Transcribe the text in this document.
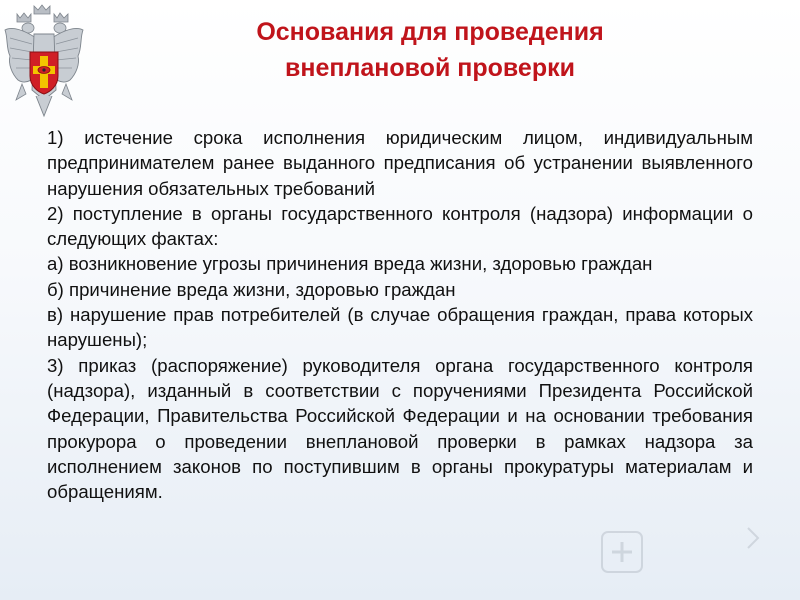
Основания для проведения
внеплановой проверки

1) истечение срока исполнения юридическим лицом, индивидуальным предпринимателем ранее выданного предписания об устранении выявленного нарушения обязательных требований

2) поступление в органы государственного контроля (надзора) информации о следующих фактах:

а) возникновение угрозы причинения вреда жизни, здоровью граждан

б) причинение вреда жизни, здоровью граждан

в) нарушение прав потребителей (в случае обращения граждан, права которых нарушены);

3) приказ (распоряжение) руководителя органа государственного контроля (надзора), изданный в соответствии с поручениями Президента Российской Федерации, Правительства Российской Федерации и на основании требования прокурора о проведении внеплановой проверки в рамках надзора за исполнением законов по поступившим в органы прокуратуры материалам и обращениям.
